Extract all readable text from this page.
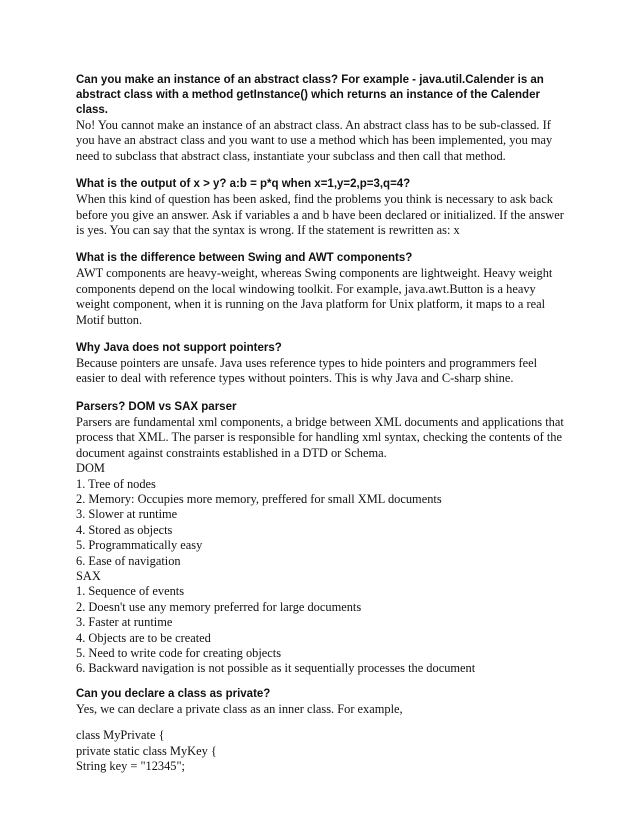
Can you make an instance of an abstract class? For example - java.util.Calender is an abstract class with a method getInstance() which returns an instance of the Calender class.

No! You cannot make an instance of an abstract class. An abstract class has to be sub-classed. If you have an abstract class and you want to use a method which has been implemented, you may need to subclass that abstract class, instantiate your subclass and then call that method.

What is the output of x > y? a:b = p*q when x=1,y=2,p=3,q=4?

When this kind of question has been asked, find the problems you think is necessary to ask back before you give an answer. Ask if variables a and b have been declared or initialized. If the answer is yes. You can say that the syntax is wrong. If the statement is rewritten as: x

What is the difference between Swing and AWT components?

AWT components are heavy-weight, whereas Swing components are lightweight. Heavy weight components depend on the local windowing toolkit. For example, java.awt.Button is a heavy weight component, when it is running on the Java platform for Unix platform, it maps to a real Motif button.

Why Java does not support pointers?

Because pointers are unsafe. Java uses reference types to hide pointers and programmers feel easier to deal with reference types without pointers. This is why Java and C-sharp shine.

Parsers? DOM vs SAX parser

Parsers are fundamental xml components, a bridge between XML documents and applications that process that XML. The parser is responsible for handling xml syntax, checking the contents of the document against constraints established in a DTD or Schema.

DOM

1. Tree of nodes

2. Memory: Occupies more memory, preffered for small XML documents

3. Slower at runtime

4. Stored as objects

5. Programmatically easy

6. Ease of navigation

SAX

1. Sequence of events

2. Doesn't use any memory preferred for large documents

3. Faster at runtime

4. Objects are to be created

5. Need to write code for creating objects

6. Backward navigation is not possible as it sequentially processes the document

Can you declare a class as private?

Yes, we can declare a private class as an inner class. For example,

class MyPrivate {

private static class MyKey {

String key = "12345";
